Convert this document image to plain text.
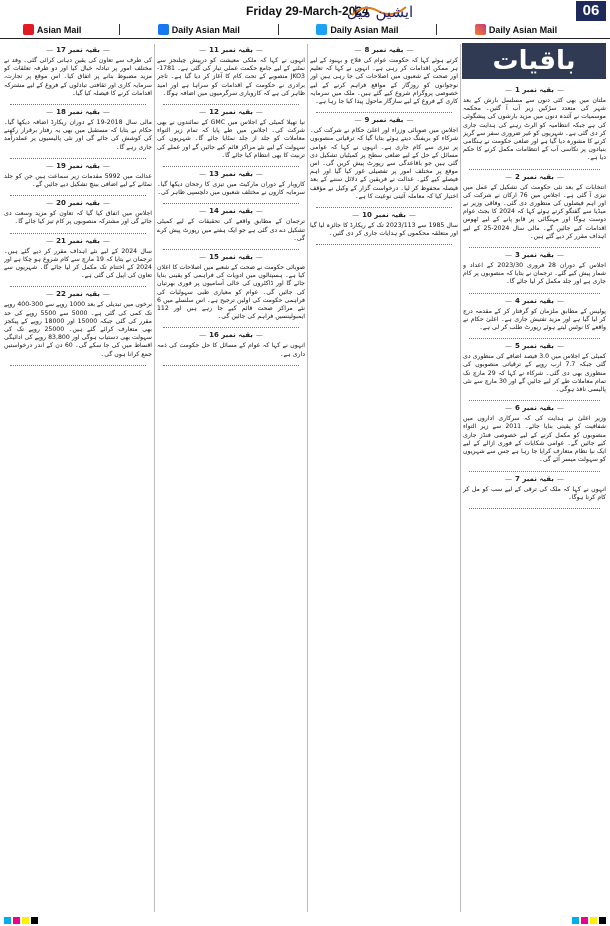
Friday 29-March-2024
ایشین میل	06
Asian Mail	Daily Asian Mail	Daily Asian Mail	Daily Asian Mail
باقیات
— بقیہ نمبر 1 —
ملتان میں بھی کئی دنوں سے مسلسل بارش کے بعد شہر کی متعدد سڑکیں زیر آب آ گئیں۔ محکمہ موسمیات نے آئندہ دنوں میں مزید بارشوں کی پیشگوئی کی ہے جبکہ انتظامیہ کو الرٹ رہنے کی ہدایت جاری کر دی گئی ہے۔ شہریوں کو غیر ضروری سفر سے گریز کرنے کا مشورہ دیا گیا ہے اور ضلعی حکومت نے ہنگامی بنیادوں پر نکاسی آب کے انتظامات مکمل کرنے کا حکم دیا ہے۔
— بقیہ نمبر 2 —
انتخابات کے بعد نئی حکومت کی تشکیل کے عمل میں تیزی آ گئی ہے۔ اجلاس میں 76 ارکان نے شرکت کی اور اہم فیصلوں کی منظوری دی گئی۔ وفاقی وزیر نے میڈیا سے گفتگو کرتے ہوئے کہا کہ 2024 کا بجٹ عوام دوست ہوگا اور مہنگائی پر قابو پانے کے لیے ٹھوس اقدامات کیے جائیں گے۔ مالی سال 2024-25 کے لیے اہداف مقرر کر دیے گئے ہیں۔
— بقیہ نمبر 3 —
اجلاس کے دوران 28 فروری 2023/30 کے اعداد و شمار پیش کیے گئے۔ ترجمان نے بتایا کہ منصوبوں پر کام جاری ہے اور جلد مکمل کر لیا جائے گا۔
— بقیہ نمبر 4 —
پولیس کے مطابق ملزمان کو گرفتار کر کے مقدمہ درج کر لیا گیا ہے اور مزید تفتیش جاری ہے۔ اعلیٰ حکام نے واقعے کا نوٹس لیتے ہوئے رپورٹ طلب کر لی ہے۔
— بقیہ نمبر 5 —
کمیٹی کے اجلاس میں 3.0 فیصد اضافے کی منظوری دی گئی جبکہ 7.7 ارب روپے کے ترقیاتی منصوبوں کی منظوری بھی دی گئی۔ شرکاء نے کہا کہ 29 مارچ تک تمام معاملات طے کر لیے جائیں گے اور 30 مارچ سے نئی پالیسی نافذ ہوگی۔
— بقیہ نمبر 6 —
وزیر اعلیٰ نے ہدایت کی کہ سرکاری اداروں میں شفافیت کو یقینی بنایا جائے۔ 2011 سے زیر التواء منصوبوں کو مکمل کرنے کے لیے خصوصی فنڈز جاری کیے جائیں گے۔ عوامی شکایات کے فوری ازالے کے لیے ایک نیا نظام متعارف کرایا جا رہا ہے جس سے شہریوں کو سہولت میسر آئے گی۔
— بقیہ نمبر 7 —
انہوں نے کہا کہ ملک کی ترقی کے لیے سب کو مل کر کام کرنا ہوگا۔
— بقیہ نمبر 8 —
کرتے ہوئے کہا کہ حکومت عوام کی فلاح و بہبود کے لیے ہر ممکن اقدامات کر رہی ہے۔ انہوں نے کہا کہ تعلیم اور صحت کے شعبوں میں اصلاحات کی جا رہی ہیں اور نوجوانوں کو روزگار کے مواقع فراہم کرنے کے لیے خصوصی پروگرام شروع کیے گئے ہیں۔ ملک میں سرمایہ کاری کے فروغ کے لیے سازگار ماحول پیدا کیا جا رہا ہے۔
— بقیہ نمبر 9 —
اجلاس میں صوبائی وزراء اور اعلیٰ حکام نے شرکت کی۔ شرکاء کو بریفنگ دیتے ہوئے بتایا گیا کہ ترقیاتی منصوبوں پر تیزی سے کام جاری ہے۔ انہوں نے کہا کہ عوامی مسائل کے حل کے لیے ضلعی سطح پر کمیٹیاں تشکیل دی گئی ہیں جو باقاعدگی سے رپورٹ پیش کریں گی۔ اس موقع پر مختلف امور پر تفصیلی غور کیا گیا اور اہم فیصلے کیے گئے۔ عدالت نے فریقین کے دلائل سننے کے بعد فیصلہ محفوظ کر لیا۔ درخواست گزار کے وکیل نے مؤقف اختیار کیا کہ معاملہ آئینی نوعیت کا ہے۔
— بقیہ نمبر 10 —
سال 1985 سے 2023/113 تک کے ریکارڈ کا جائزہ لیا گیا اور متعلقہ محکموں کو ہدایات جاری کر دی گئیں۔
— بقیہ نمبر 11 —
انہوں نے کہا کہ ملکی معیشت کو درپیش چیلنجز سے نمٹنے کے لیے جامع حکمت عملی تیار کی گئی ہے۔ 1781-JKO3 منصوبے کے تحت کام کا آغاز کر دیا گیا ہے۔ تاجر برادری نے حکومت کے اقدامات کو سراہا ہے اور امید ظاہر کی ہے کہ کاروباری سرگرمیوں میں اضافہ ہوگا۔
— بقیہ نمبر 12 —
نیا تھیلا کمیٹی کے اجلاس میں GMC کے نمائندوں نے بھی شرکت کی۔ اجلاس میں طے پایا کہ تمام زیر التواء معاملات کو جلد از جلد نمٹایا جائے گا۔ شہریوں کی سہولت کے لیے نئے مراکز قائم کیے جائیں گے اور عملے کی تربیت کا بھی انتظام کیا جائے گا۔
— بقیہ نمبر 13 —
کاروبار کے دوران مارکیٹ میں تیزی کا رجحان دیکھا گیا۔ سرمایہ کاروں نے مختلف شعبوں میں دلچسپی ظاہر کی۔
— بقیہ نمبر 14 —
ترجمان کے مطابق واقعے کی تحقیقات کے لیے کمیٹی تشکیل دے دی گئی ہے جو ایک ہفتے میں رپورٹ پیش کرے گی۔
— بقیہ نمبر 15 —
صوبائی حکومت نے صحت کے شعبے میں اصلاحات کا اعلان کیا ہے۔ ہسپتالوں میں ادویات کی فراہمی کو یقینی بنایا جائے گا اور ڈاکٹروں کی خالی آسامیوں پر فوری بھرتیاں کی جائیں گی۔ عوام کو معیاری طبی سہولیات کی فراہمی حکومت کی اولین ترجیح ہے۔ اس سلسلے میں 6 نئے مراکز صحت قائم کیے جا رہے ہیں اور 112 ایمبولینسیں فراہم کی جائیں گی۔
— بقیہ نمبر 16 —
انہوں نے کہا کہ عوام کے مسائل کا حل حکومت کی ذمہ داری ہے۔
— بقیہ نمبر 17 —
کی طرف سے تعاون کی یقین دہانی کرائی گئی۔ وفد نے مختلف امور پر تبادلہ خیال کیا اور دو طرفہ تعلقات کو مزید مضبوط بنانے پر اتفاق کیا۔ اس موقع پر تجارت، سرمایہ کاری اور ثقافتی تبادلوں کے فروغ کے لیے مشترکہ اقدامات کرنے کا فیصلہ کیا گیا۔
— بقیہ نمبر 18 —
مالی سال 2018-19 کے دوران ریکارڈ اضافہ دیکھا گیا۔ حکام نے بتایا کہ مستقبل میں بھی یہ رفتار برقرار رکھنے کی کوشش کی جائے گی اور نئی پالیسیوں پر عملدرآمد جاری رہے گا۔
— بقیہ نمبر 19 —
عدالت میں 5992 مقدمات زیر سماعت ہیں جن کو جلد نمٹانے کے لیے اضافی بینچ تشکیل دیے جائیں گے۔
— بقیہ نمبر 20 —
اجلاس میں اتفاق کیا گیا کہ تعاون کو مزید وسعت دی جائے گی اور مشترکہ منصوبوں پر کام تیز کیا جائے گا۔
— بقیہ نمبر 21 —
سال 2024 کے لیے نئے اہداف مقرر کر دیے گئے ہیں۔ ترجمان نے بتایا کہ 19 مارچ سے کام شروع ہو چکا ہے اور 2024 کے اختتام تک مکمل کر لیا جائے گا۔ شہریوں سے تعاون کی اپیل کی گئی ہے۔
— بقیہ نمبر 22 —
نرخوں میں تبدیلی کے بعد 1000 روپے سے 300-400 روپے تک کمی کی گئی ہے۔ 5000 سے 5500 روپے کی حد مقرر کی گئی جبکہ 15000 اور 18000 روپے کے پیکجز بھی متعارف کرائے گئے ہیں۔ 25000 روپے تک کی سہولت بھی دستیاب ہوگی اور 83,800 روپے کی ادائیگی اقساط میں کی جا سکے گی۔ 60 دن کے اندر درخواستیں جمع کرانا ہوں گی۔
